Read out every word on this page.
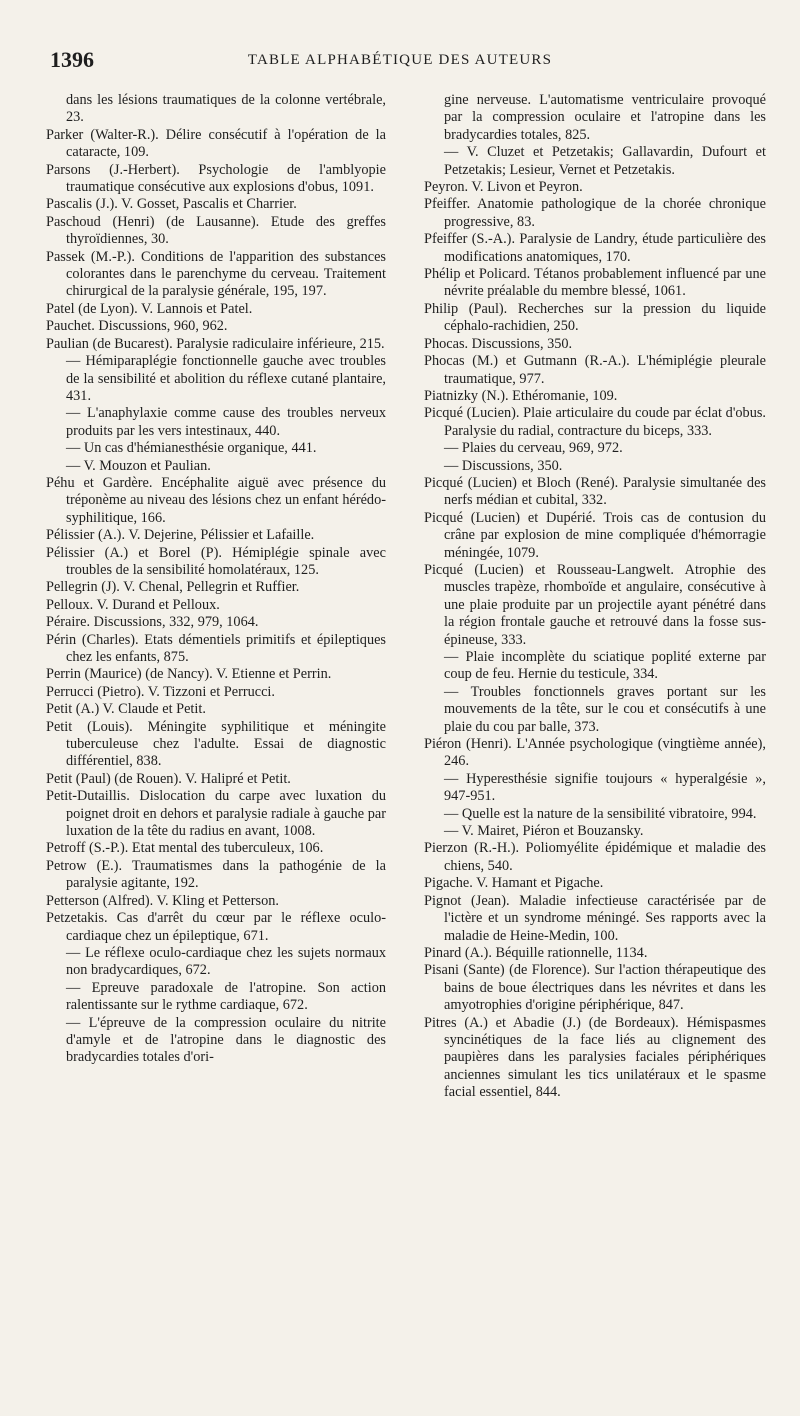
1396	TABLE ALPHABÉTIQUE DES AUTEURS

dans les lésions traumatiques de la colonne vertébrale, 23.

Parker (Walter-R.). Délire consécutif à l'opération de la cataracte, 109.

Parsons (J.-Herbert). Psychologie de l'amblyopie traumatique consécutive aux explosions d'obus, 1091.

Pascalis (J.). V. Gosset, Pascalis et Charrier.

Paschoud (Henri) (de Lausanne). Etude des greffes thyroïdiennes, 30.

Passek (M.-P.). Conditions de l'apparition des substances colorantes dans le parenchyme du cerveau. Traitement chirurgical de la paralysie générale, 195, 197.

Patel (de Lyon). V. Lannois et Patel.

Pauchet. Discussions, 960, 962.

Paulian (de Bucarest). Paralysie radiculaire inférieure, 215.

— Hémiparaplégie fonctionnelle gauche avec troubles de la sensibilité et abolition du réflexe cutané plantaire, 431.

— L'anaphylaxie comme cause des troubles nerveux produits par les vers intestinaux, 440.

— Un cas d'hémianesthésie organique, 441.

— V. Mouzon et Paulian.

Péhu et Gardère. Encéphalite aiguë avec présence du tréponème au niveau des lésions chez un enfant hérédo-syphilitique, 166.

Pélissier (A.). V. Dejerine, Pélissier et Lafaille.

Pélissier (A.) et Borel (P). Hémiplégie spinale avec troubles de la sensibilité homolatéraux, 125.

Pellegrin (J). V. Chenal, Pellegrin et Ruffier.

Pelloux. V. Durand et Pelloux.

Péraire. Discussions, 332, 979, 1064.

Périn (Charles). Etats démentiels primitifs et épileptiques chez les enfants, 875.

Perrin (Maurice) (de Nancy). V. Etienne et Perrin.

Perrucci (Pietro). V. Tizzoni et Perrucci.

Petit (A.) V. Claude et Petit.

Petit (Louis). Méningite syphilitique et méningite tuberculeuse chez l'adulte. Essai de diagnostic différentiel, 838.

Petit (Paul) (de Rouen). V. Halipré et Petit.

Petit-Dutaillis. Dislocation du carpe avec luxation du poignet droit en dehors et paralysie radiale à gauche par luxation de la tête du radius en avant, 1008.

Petroff (S.-P.). Etat mental des tuberculeux, 106.

Petrow (E.). Traumatismes dans la pathogénie de la paralysie agitante, 192.

Petterson (Alfred). V. Kling et Petterson.

Petzetakis. Cas d'arrêt du cœur par le réflexe oculo-cardiaque chez un épileptique, 671.

— Le réflexe oculo-cardiaque chez les sujets normaux non bradycardiques, 672.

— Epreuve paradoxale de l'atropine. Son action ralentissante sur le rythme cardiaque, 672.

— L'épreuve de la compression oculaire du nitrite d'amyle et de l'atropine dans le diagnostic des bradycardies totales d'ori-

gine nerveuse. L'automatisme ventriculaire provoqué par la compression oculaire et l'atropine dans les bradycardies totales, 825.

— V. Cluzet et Petzetakis; Gallavardin, Dufourt et Petzetakis; Lesieur, Vernet et Petzetakis.

Peyron. V. Livon et Peyron.

Pfeiffer. Anatomie pathologique de la chorée chronique progressive, 83.

Pfeiffer (S.-A.). Paralysie de Landry, étude particulière des modifications anatomiques, 170.

Phélip et Policard. Tétanos probablement influencé par une névrite préalable du membre blessé, 1061.

Philip (Paul). Recherches sur la pression du liquide céphalo-rachidien, 250.

Phocas. Discussions, 350.

Phocas (M.) et Gutmann (R.-A.). L'hémiplégie pleurale traumatique, 977.

Piatnizky (N.). Ethéromanie, 109.

Picqué (Lucien). Plaie articulaire du coude par éclat d'obus. Paralysie du radial, contracture du biceps, 333.

— Plaies du cerveau, 969, 972.

— Discussions, 350.

Picqué (Lucien) et Bloch (René). Paralysie simultanée des nerfs médian et cubital, 332.

Picqué (Lucien) et Dupérié. Trois cas de contusion du crâne par explosion de mine compliquée d'hémorragie méningée, 1079.

Picqué (Lucien) et Rousseau-Langwelt. Atrophie des muscles trapèze, rhomboïde et angulaire, consécutive à une plaie produite par un projectile ayant pénétré dans la région frontale gauche et retrouvé dans la fosse sus-épineuse, 333.

— Plaie incomplète du sciatique poplité externe par coup de feu. Hernie du testicule, 334.

— Troubles fonctionnels graves portant sur les mouvements de la tête, sur le cou et consécutifs à une plaie du cou par balle, 373.

Piéron (Henri). L'Année psychologique (vingtième année), 246.

— Hyperesthésie signifie toujours « hyperalgésie », 947-951.

— Quelle est la nature de la sensibilité vibratoire, 994.

— V. Mairet, Piéron et Bouzansky.

Pierzon (R.-H.). Poliomyélite épidémique et maladie des chiens, 540.

Pigache. V. Hamant et Pigache.

Pignot (Jean). Maladie infectieuse caractérisée par de l'ictère et un syndrome méningé. Ses rapports avec la maladie de Heine-Medin, 100.

Pinard (A.). Béquille rationnelle, 1134.

Pisani (Sante) (de Florence). Sur l'action thérapeutique des bains de boue électriques dans les névrites et dans les amyotrophies d'origine périphérique, 847.

Pitres (A.) et Abadie (J.) (de Bordeaux). Hémispasmes syncinétiques de la face liés au clignement des paupières dans les paralysies faciales périphériques anciennes simulant les tics unilatéraux et le spasme facial essentiel, 844.
